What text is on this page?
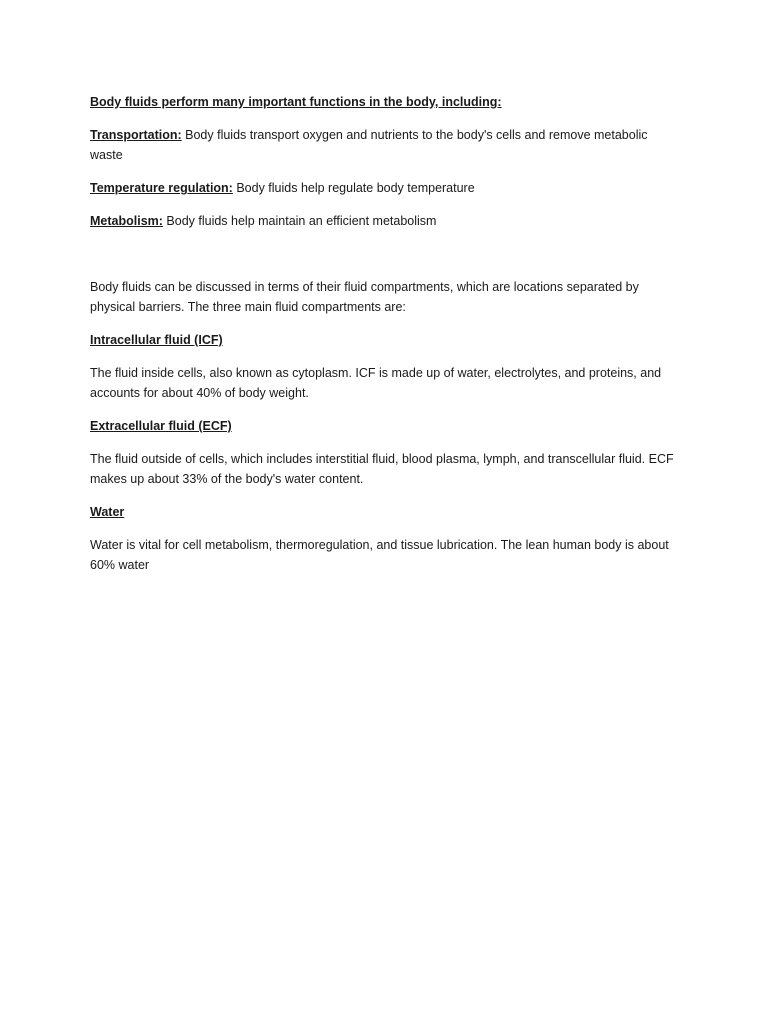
Body fluids perform many important functions in the body, including:

Transportation: Body fluids transport oxygen and nutrients to the body's cells and remove metabolic waste

Temperature regulation: Body fluids help regulate body temperature

Metabolism: Body fluids help maintain an efficient metabolism

Body fluids can be discussed in terms of their fluid compartments, which are locations separated by physical barriers. The three main fluid compartments are:

Intracellular fluid (ICF)

The fluid inside cells, also known as cytoplasm. ICF is made up of water, electrolytes, and proteins, and accounts for about 40% of body weight.

Extracellular fluid (ECF)

The fluid outside of cells, which includes interstitial fluid, blood plasma, lymph, and transcellular fluid. ECF makes up about 33% of the body's water content.

Water

Water is vital for cell metabolism, thermoregulation, and tissue lubrication. The lean human body is about 60% water
